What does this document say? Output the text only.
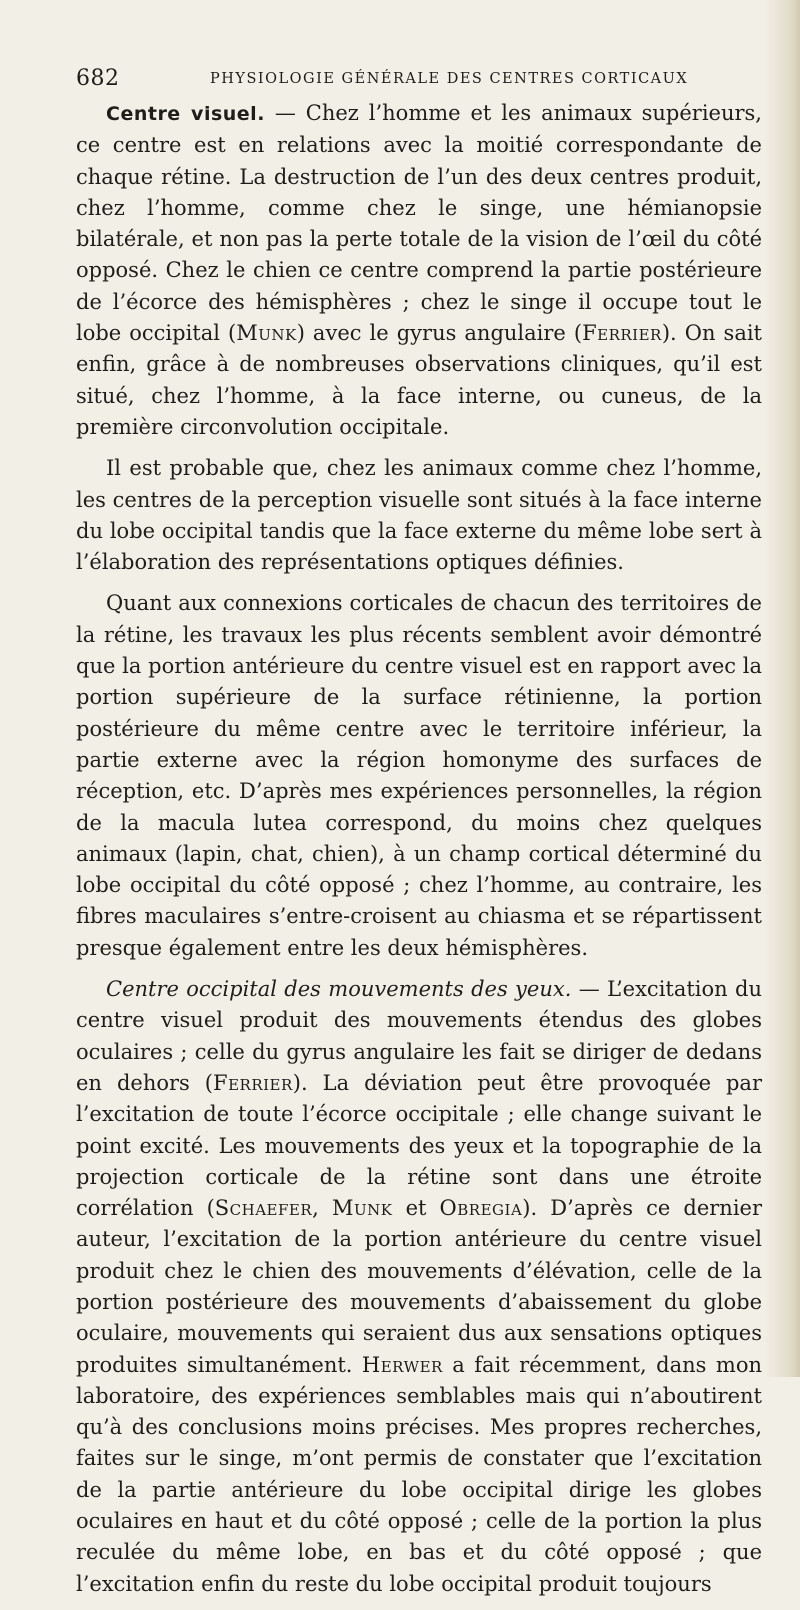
682	PHYSIOLOGIE GÉNÉRALE DES CENTRES CORTICAUX

Centre visuel. — Chez l’homme et les animaux supérieurs, ce centre est en relations avec la moitié correspondante de chaque rétine. La destruction de l’un des deux centres produit, chez l’homme, comme chez le singe, une hémianopsie bilatérale, et non pas la perte totale de la vision de l’œil du côté opposé. Chez le chien ce centre comprend la partie postérieure de l’écorce des hémisphères ; chez le singe il occupe tout le lobe occipital (Munk) avec le gyrus angulaire (Ferrier). On sait enfin, grâce à de nombreuses observations cliniques, qu’il est situé, chez l’homme, à la face interne, ou cuneus, de la première circonvolution occipitale.

Il est probable que, chez les animaux comme chez l’homme, les centres de la perception visuelle sont situés à la face interne du lobe occipital tandis que la face externe du même lobe sert à l’élaboration des représentations optiques définies.

Quant aux connexions corticales de chacun des territoires de la rétine, les travaux les plus récents semblent avoir démontré que la portion antérieure du centre visuel est en rapport avec la portion supérieure de la surface rétinienne, la portion postérieure du même centre avec le territoire inférieur, la partie externe avec la région homonyme des surfaces de réception, etc. D’après mes expériences personnelles, la région de la macula lutea correspond, du moins chez quelques animaux (lapin, chat, chien), à un champ cortical déterminé du lobe occipital du côté opposé ; chez l’homme, au contraire, les fibres maculaires s’entre-croisent au chiasma et se répartissent presque également entre les deux hémisphères.

Centre occipital des mouvements des yeux. — L’excitation du centre visuel produit des mouvements étendus des globes oculaires ; celle du gyrus angulaire les fait se diriger de dedans en dehors (Ferrier). La déviation peut être provoquée par l’excitation de toute l’écorce occipitale ; elle change suivant le point excité. Les mouvements des yeux et la topographie de la projection corticale de la rétine sont dans une étroite corrélation (Schaefer, Munk et Obregia). D’après ce dernier auteur, l’excitation de la portion antérieure du centre visuel produit chez le chien des mouvements d’élévation, celle de la portion postérieure des mouvements d’abaissement du globe oculaire, mouvements qui seraient dus aux sensations optiques produites simultanément. Herwer a fait récemment, dans mon laboratoire, des expériences semblables mais qui n’aboutirent qu’à des conclusions moins précises. Mes propres recherches, faites sur le singe, m’ont permis de constater que l’excitation de la partie antérieure du lobe occipital dirige les globes oculaires en haut et du côté opposé ; celle de la portion la plus reculée du même lobe, en bas et du côté opposé ; que l’excitation enfin du reste du lobe occipital produit toujours
